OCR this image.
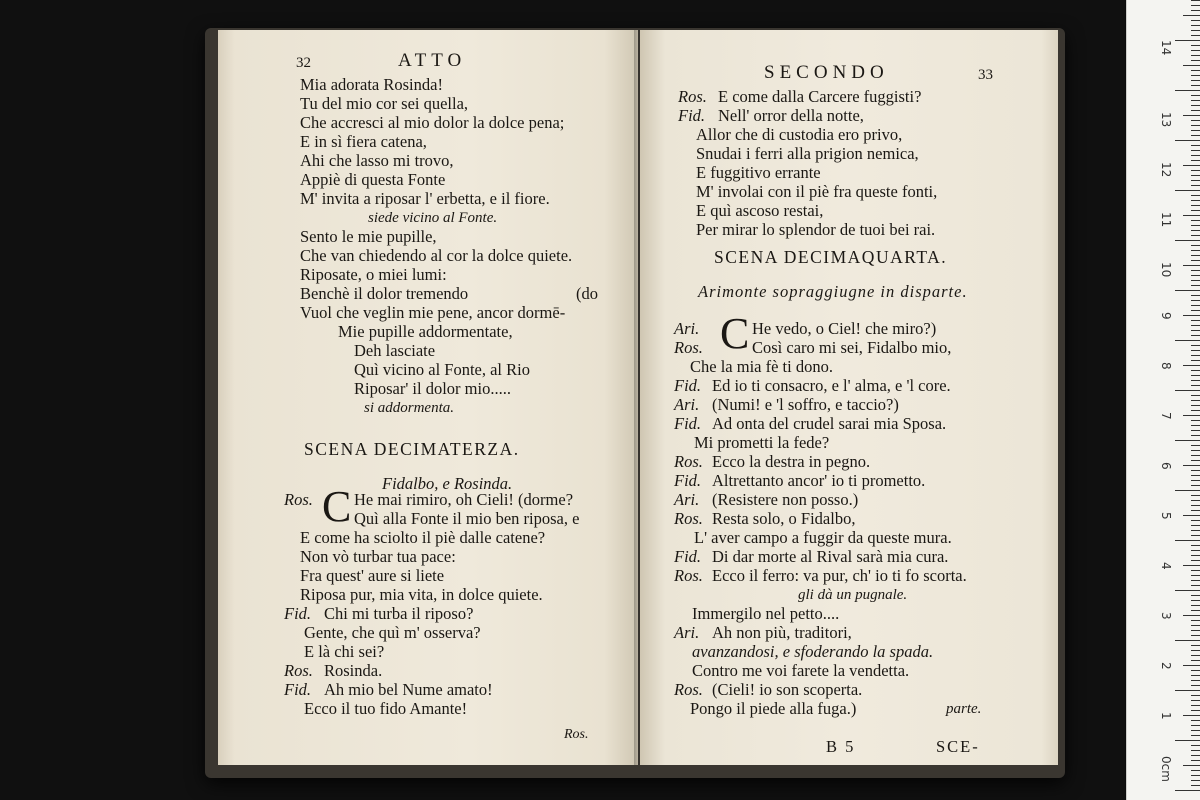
32	ATTO
Mia adorata Rosinda!
Tu del mio cor sei quella,
Che accresci al mio dolor la dolce pena;
E in sì fiera catena,
Ahi che lasso mi trovo,
Appiè di questa Fonte
M' invita a riposar l' erbetta, e il fiore.
siede vicino al Fonte.
Sento le mie pupille,
Che van chiedendo al cor la dolce quiete.
Riposate, o miei lumi:
Benchè il dolor tremendo	(do
Vuol che veglin mie pene, ancor dormē-
Mie pupille addormentate,
Deh lasciate
Quì vicino al Fonte, al Rio
Riposar' il dolor mio.....
si addormenta.
SCENA DECIMATERZA.
Fidalbo, e Rosinda.
C
Ros. He mai rimiro, oh Cieli! (dorme?
Quì alla Fonte il mio ben riposa, e
E come ha sciolto il piè dalle catene?
Non vò turbar tua pace:
Fra quest' aure si liete
Riposa pur, mia vita, in dolce quiete.
Fid. Chi mi turba il riposo?
Gente, che quì m' osserva?
E là chi sei?
Ros. Rosinda.
Fid. Ah mio bel Nume amato!
Ecco il tuo fido Amante!
Ros.
SECONDO	33
Ros. E come dalla Carcere fuggisti?
Fid. Nell' orror della notte,
Allor che di custodia ero privo,
Snudai i ferri alla prigion nemica,
E fuggitivo errante
M' involai con il piè fra queste fonti,
E quì ascoso restai,
Per mirar lo splendor de tuoi bei rai.
SCENA DECIMAQUARTA.
Arimonte sopraggiugne in disparte.
C
Ari.	He vedo, o Ciel! che miro?)
Ros.	Così caro mi sei, Fidalbo mio,
Che la mia fè ti dono.
Fid. Ed io ti consacro, e l' alma, e 'l core.
Ari. (Numi! e 'l soffro, e taccio?)
Fid. Ad onta del crudel sarai mia Sposa.
Mi prometti la fede?
Ros. Ecco la destra in pegno.
Fid. Altrettanto ancor' io ti prometto.
Ari. (Resistere non posso.)
Ros. Resta solo, o Fidalbo,
L' aver campo a fuggir da queste mura.
Fid. Di dar morte al Rival sarà mia cura.
Ros. Ecco il ferro: va pur, ch' io ti fo scorta.
gli dà un pugnale.
Immergilo nel petto....
Ari. Ah non più, traditori,
avanzandosi, e sfoderando la spada.
Contro me voi farete la vendetta.
Ros. (Cieli! io son scoperta.
Pongo il piede alla fuga.)	parte.
B 5	SCE-
0cm
1
2
3
4
5
6
7
8
9
10
11
12
13
14
